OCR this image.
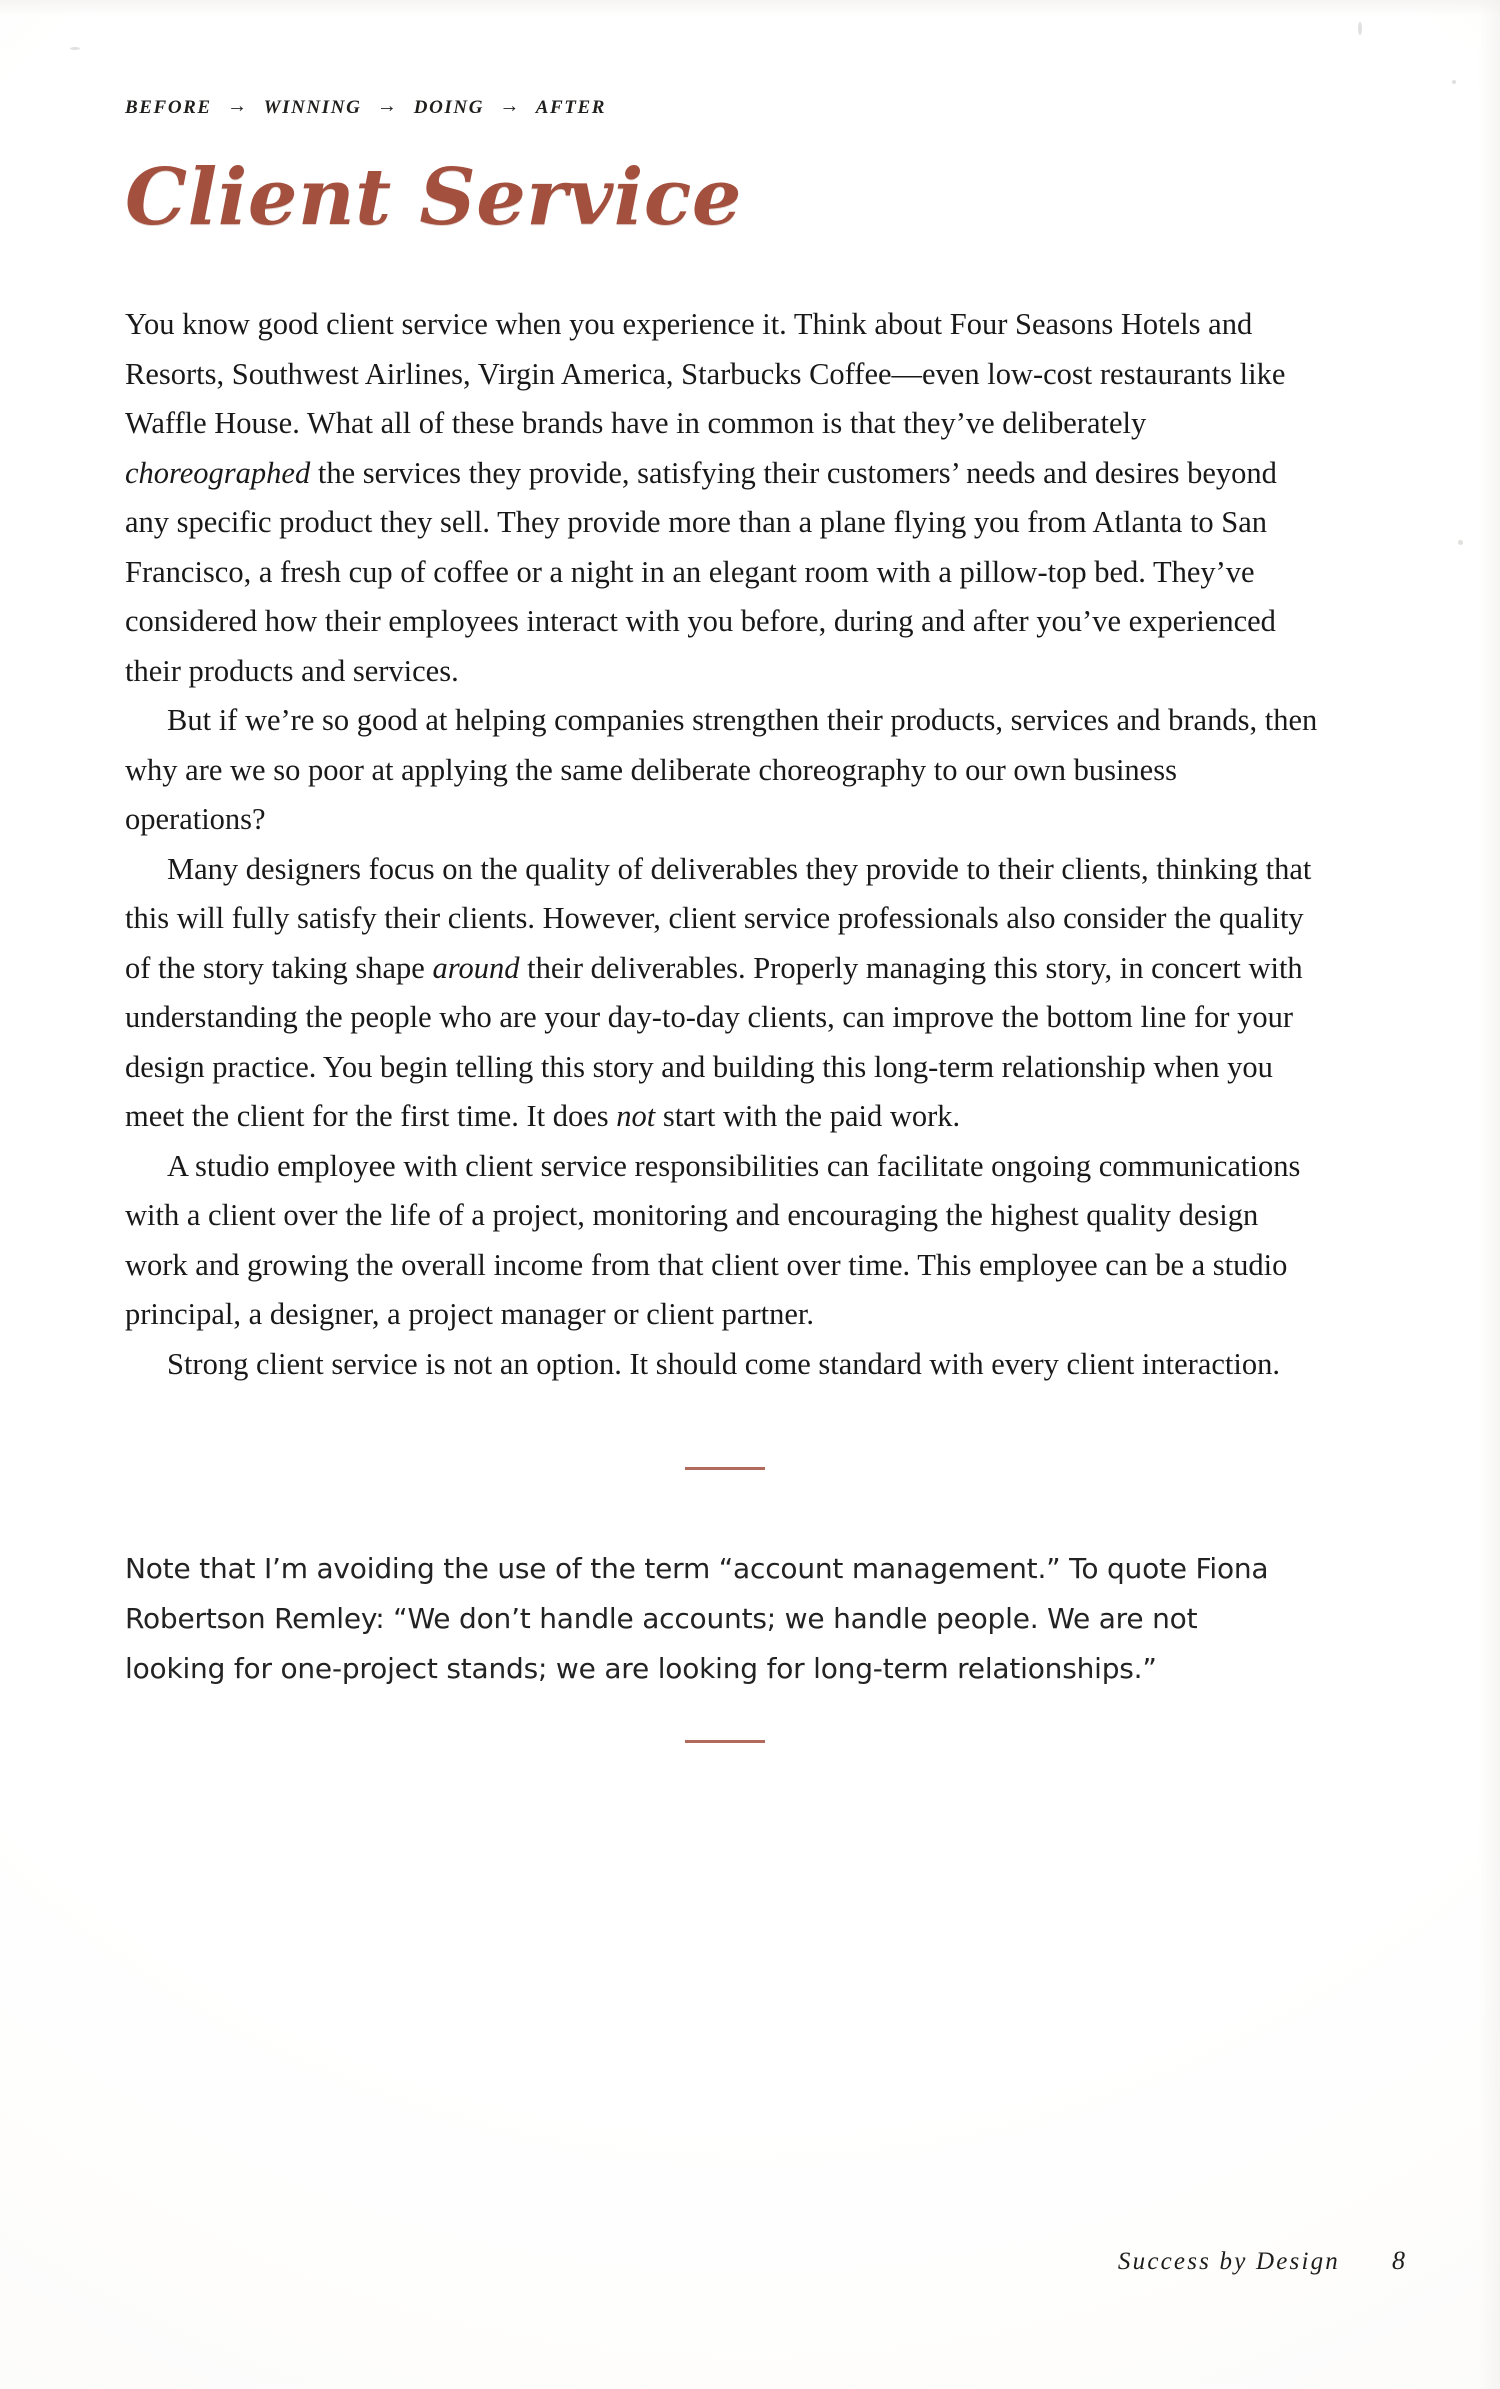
BEFORE → WINNING → DOING → AFTER
Client Service

You know good client service when you experience it. Think about Four Seasons Hotels and Resorts, Southwest Airlines, Virgin America, Starbucks Coffee—even low-cost restaurants like Waffle House. What all of these brands have in common is that they’ve deliberately choreographed the services they provide, satisfying their customers’ needs and desires beyond any specific product they sell. They provide more than a plane flying you from Atlanta to San Francisco, a fresh cup of coffee or a night in an elegant room with a pillow-top bed. They’ve considered how their employees interact with you before, during and after you’ve experienced their products and services.

But if we’re so good at helping companies strengthen their products, services and brands, then why are we so poor at applying the same deliberate choreography to our own business operations?

Many designers focus on the quality of deliverables they provide to their clients, thinking that this will fully satisfy their clients. However, client service professionals also consider the quality of the story taking shape around their deliverables. Properly managing this story, in concert with understanding the people who are your day-to-day clients, can improve the bottom line for your design practice. You begin telling this story and building this long-term relationship when you meet the client for the first time. It does not start with the paid work.

A studio employee with client service responsibilities can facilitate ongoing communications with a client over the life of a project, monitoring and encouraging the highest quality design work and growing the overall income from that client over time. This employee can be a studio principal, a designer, a project manager or client partner.

Strong client service is not an option. It should come standard with every client interaction.

Note that I’m avoiding the use of the term “account management.” To quote Fiona Robertson Remley: “We don’t handle accounts; we handle people. We are not looking for one-project stands; we are looking for long-term relationships.”

Success by Design 8
